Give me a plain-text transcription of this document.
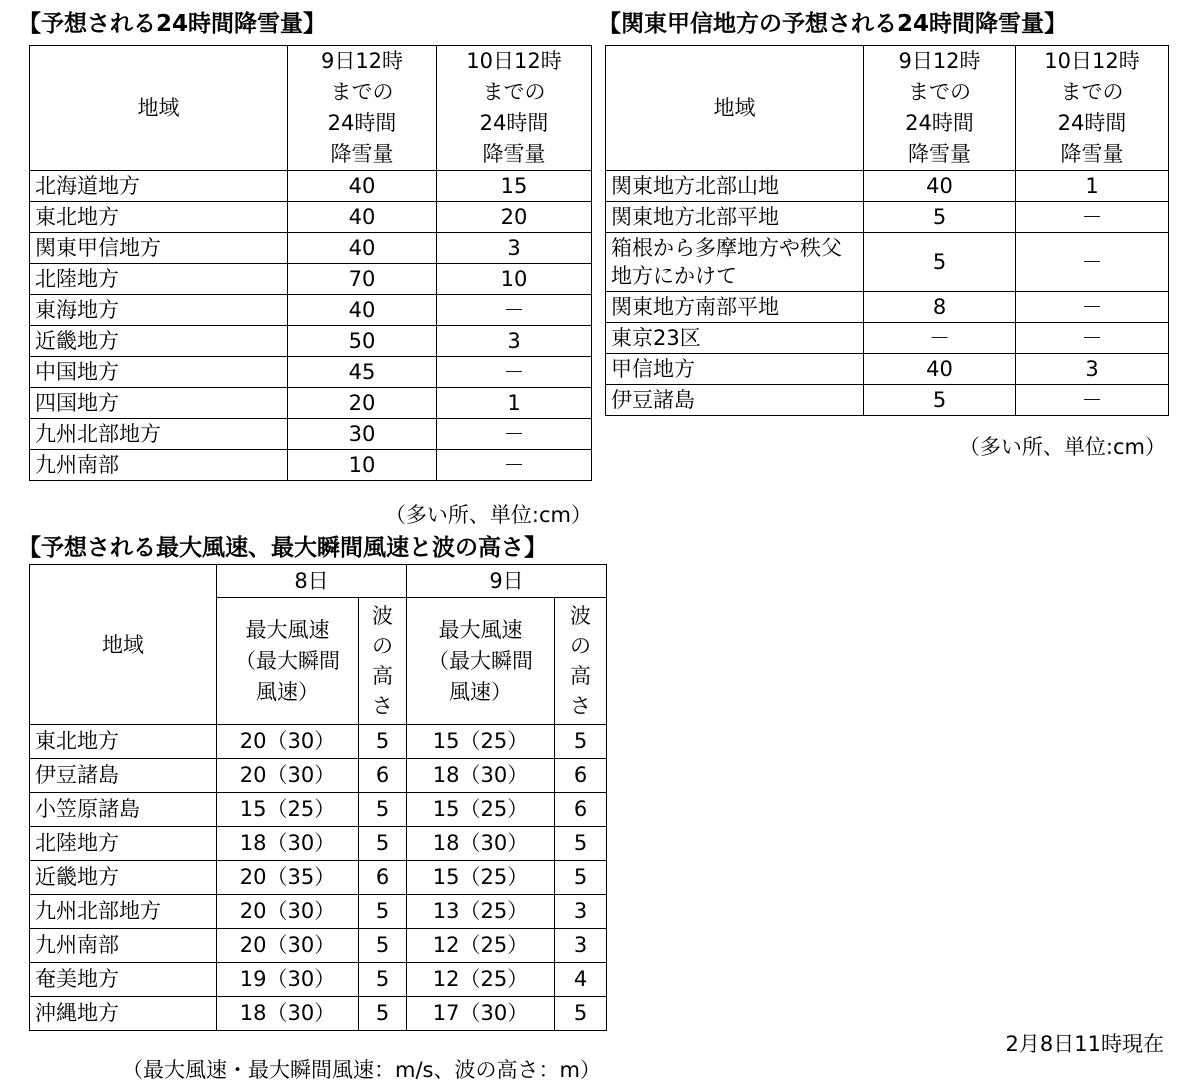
【予想される24時間降雪量】
地域	9日12時
までの
24時間
降雪量	10日12時
までの
24時間
降雪量

北海道地方	40	15
東北地方	40	20
関東甲信地方	40	3
北陸地方	70	10
東海地方	40	－
近畿地方	50	3
中国地方	45	－
四国地方	20	1
九州北部地方	30	－
九州南部	10	－
（多い所、単位:cm）
【関東甲信地方の予想される24時間降雪量】
地域	9日12時
までの
24時間
降雪量	10日12時
までの
24時間
降雪量

関東地方北部山地	40	1
関東地方北部平地	5	－
箱根から多摩地方や秩父地方にかけて	5	－
関東地方南部平地	8	－
東京23区	－	－
甲信地方	40	3
伊豆諸島	5	－
（多い所、単位:cm）
【予想される最大風速、最大瞬間風速と波の高さ】
地域	8日		9日	

	最大風速
（最大瞬間
風速）	波
の
高
さ	最大風速
（最大瞬間
風速）	波
の
高
さ

東北地方	20（30）	5	15（25）	5
伊豆諸島	20（30）	6	18（30）	6
小笠原諸島	15（25）	5	15（25）	6
北陸地方	18（30）	5	18（30）	5
近畿地方	20（35）	6	15（25）	5
九州北部地方	20（30）	5	13（25）	3
九州南部	20（30）	5	12（25）	3
奄美地方	19（30）	5	12（25）	4
沖縄地方	18（30）	5	17（30）	5
（最大風速・最大瞬間風速：m/s、波の高さ：m）
2月8日11時現在
